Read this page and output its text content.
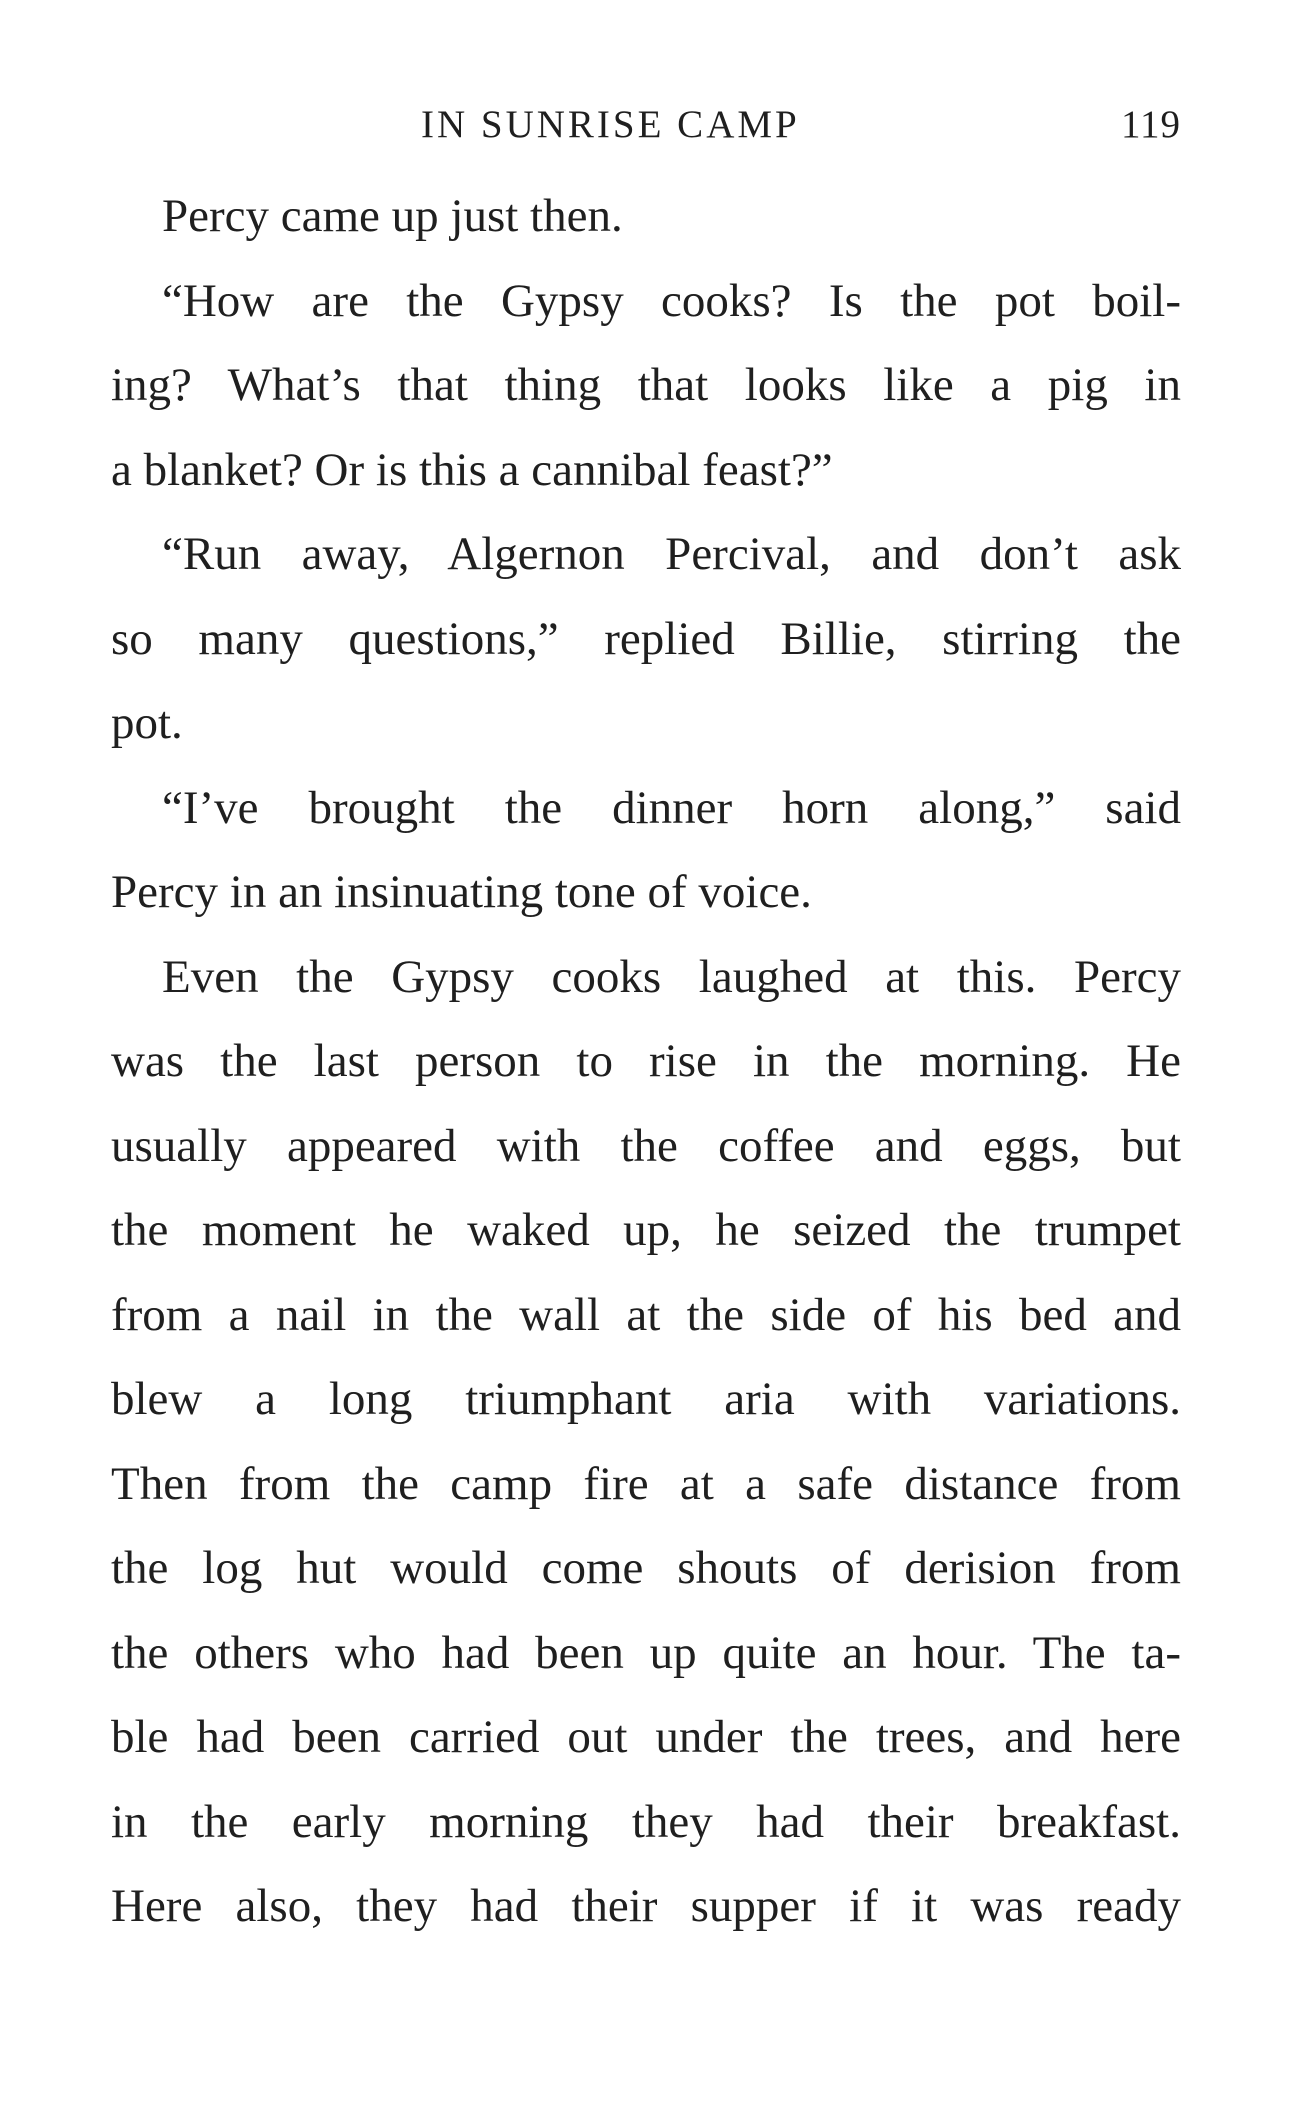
IN SUNRISE CAMP	119
Percy came up just then.
“How are the Gypsy cooks? Is the pot boil-
ing? What’s that thing that looks like a pig in
a blanket? Or is this a cannibal feast?”
“Run away, Algernon Percival, and don’t ask
so many questions,” replied Billie, stirring the
pot.
“I’ve brought the dinner horn along,” said
Percy in an insinuating tone of voice.
Even the Gypsy cooks laughed at this. Percy
was the last person to rise in the morning. He
usually appeared with the coffee and eggs, but
the moment he waked up, he seized the trumpet
from a nail in the wall at the side of his bed and
blew a long triumphant aria with variations.
Then from the camp fire at a safe distance from
the log hut would come shouts of derision from
the others who had been up quite an hour. The ta-
ble had been carried out under the trees, and here
in the early morning they had their breakfast.
Here also, they had their supper if it was ready
